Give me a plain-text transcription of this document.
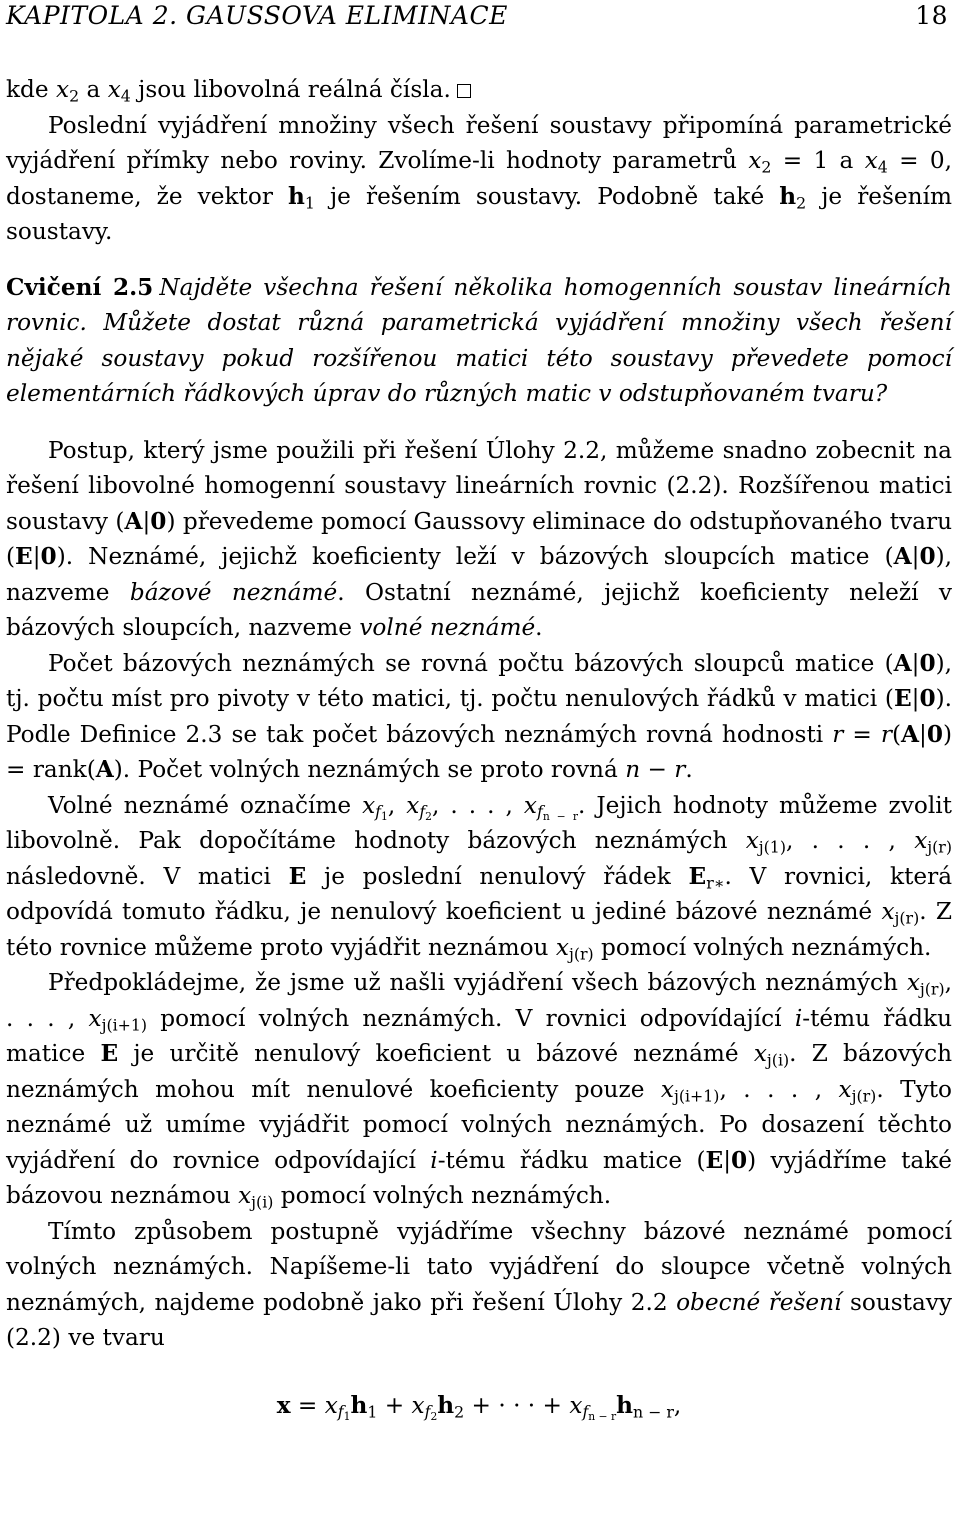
KAPITOLA 2. GAUSSOVA ELIMINACE	18

kde $x_2$ a $x_4$ jsou libovolná reálná čísla.

Poslední vyjádření množiny všech řešení soustavy připomíná parametrické vyjádření přímky nebo roviny. Zvolíme-li hodnoty parametrů $x_2 = 1$ a $x_4 = 0$, dostaneme, že vektor $h_1$ je řešením soustavy. Podobně také $h_2$ je řešením soustavy.

Cvičení 2.5 Najděte všechna řešení několika homogenních soustav lineárních rovnic. Můžete dostat různá parametrická vyjádření množiny všech řešení nějaké soustavy pokud rozšířenou matici této soustavy převedete pomocí elementárních řádkových úprav do různých matic v odstupňovaném tvaru?

Postup, který jsme použili při řešení Úlohy 2.2, můžeme snadno zobecnit na řešení libovolné homogenní soustavy lineárních rovnic (2.2). Rozšířenou matici soustavy (A|0) převedeme pomocí Gaussovy eliminace do odstupňovaného tvaru (E|0). Neznámé, jejichž koeficienty leží v bázových sloupcích matice (A|0), nazveme bázové neznámé. Ostatní neznámé, jejichž koeficienty neleží v bázových sloupcích, nazveme volné neznámé.

Počet bázových neznámých se rovná počtu bázových sloupců matice (A|0), tj. počtu míst pro pivoty v této matici, tj. počtu nenulových řádků v matici (E|0). Podle Definice 2.3 se tak počet bázových neznámých rovná hodnosti r = r(A|0) = rank(A). Počet volných neznámých se proto rovná n − r.

Volné neznámé označíme $x_{f_1}$, $x_{f_2}$, . . . , $x_{f_{n - r}}$. Jejich hodnoty můžeme zvolit libovolně. Pak dopočítáme hodnoty bázových neznámých $x_{j(1)}$, . . . , $x_{j(r)}$ následovně. V matici E je poslední nenulový řádek $E_{r∗}$. V rovnici, která odpovídá tomuto řádku, je nenulový koeficient u jediné bázové neznámé $x_{j(r)}$. Z této rovnice můžeme proto vyjádřit neznámou $x_{j(r)}$ pomocí volných neznámých.

Předpokládejme, že jsme už našli vyjádření všech bázových neznámých $x_{j(r)}$, . . . , $x_{j(i+1)}$ pomocí volných neznámých. V rovnici odpovídající i-tému řádku matice E je určitě nenulový koeficient u bázové neznámé $x_{j(i)}$. Z bázových neznámých mohou mít nenulové koeficienty pouze $x_{j(i+1)}$, . . . , $x_{j(r)}$. Tyto neznámé už umíme vyjádřit pomocí volných neznámých. Po dosazení těchto vyjádření do rovnice odpovídající i-tému řádku matice (E|0) vyjádříme také bázovou neznámou $x_{j(i)}$ pomocí volných neznámých.

Tímto způsobem postupně vyjádříme všechny bázové neznámé pomocí volných neznámých. Napíšeme-li tato vyjádření do sloupce včetně volných neznámých, najdeme podobně jako při řešení Úlohy 2.2 obecné řešení soustavy (2.2) ve tvaru

$x = x_{f_1}h_1 + x_{f_2}h_2$ + · · · + $x_{f_{n - r}}h_{n - r}$,
